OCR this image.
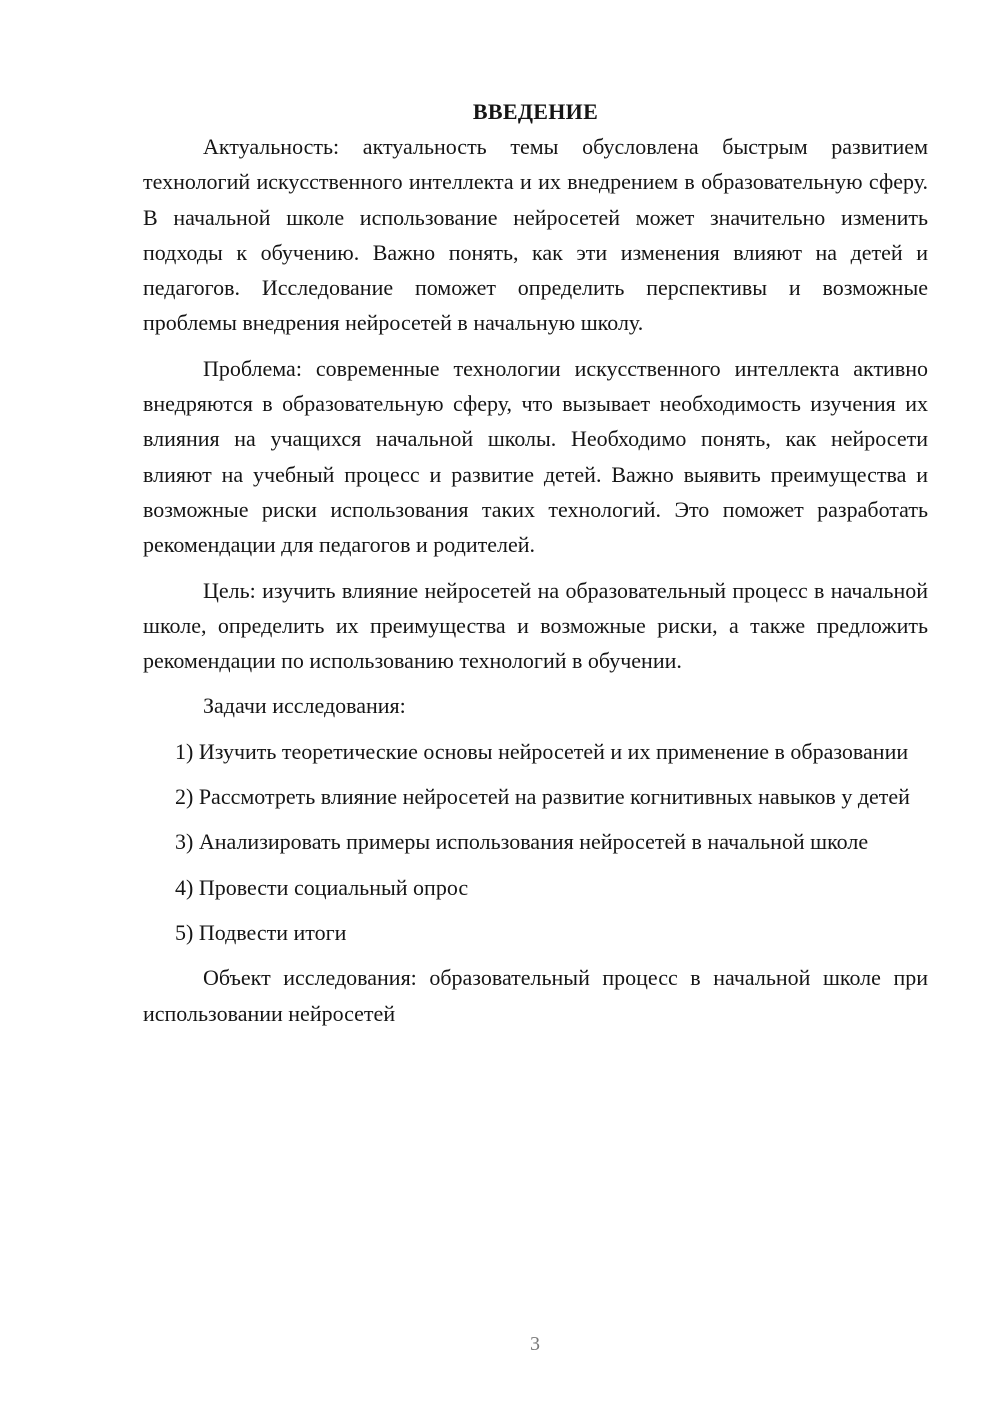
ВВЕДЕНИЕ

Актуальность: актуальность темы обусловлена быстрым развитием технологий искусственного интеллекта и их внедрением в образовательную сферу. В начальной школе использование нейросетей может значительно изменить подходы к обучению. Важно понять, как эти изменения влияют на детей и педагогов. Исследование поможет определить перспективы и возможные проблемы внедрения нейросетей в начальную школу.

Проблема: современные технологии искусственного интеллекта активно внедряются в образовательную сферу, что вызывает необходимость изучения их влияния на учащихся начальной школы. Необходимо понять, как нейросети влияют на учебный процесс и развитие детей. Важно выявить преимущества и возможные риски использования таких технологий. Это поможет разработать рекомендации для педагогов и родителей.

Цель: изучить влияние нейросетей на образовательный процесс в начальной школе, определить их преимущества и возможные риски, а также предложить рекомендации по использованию технологий в обучении.

Задачи исследования:

1) Изучить теоретические основы нейросетей и их применение в образовании

2) Рассмотреть влияние нейросетей на развитие когнитивных навыков у детей

3) Анализировать примеры использования нейросетей в начальной школе

4) Провести социальный опрос

5) Подвести итоги

Объект исследования: образовательный процесс в начальной школе при использовании нейросетей

3
